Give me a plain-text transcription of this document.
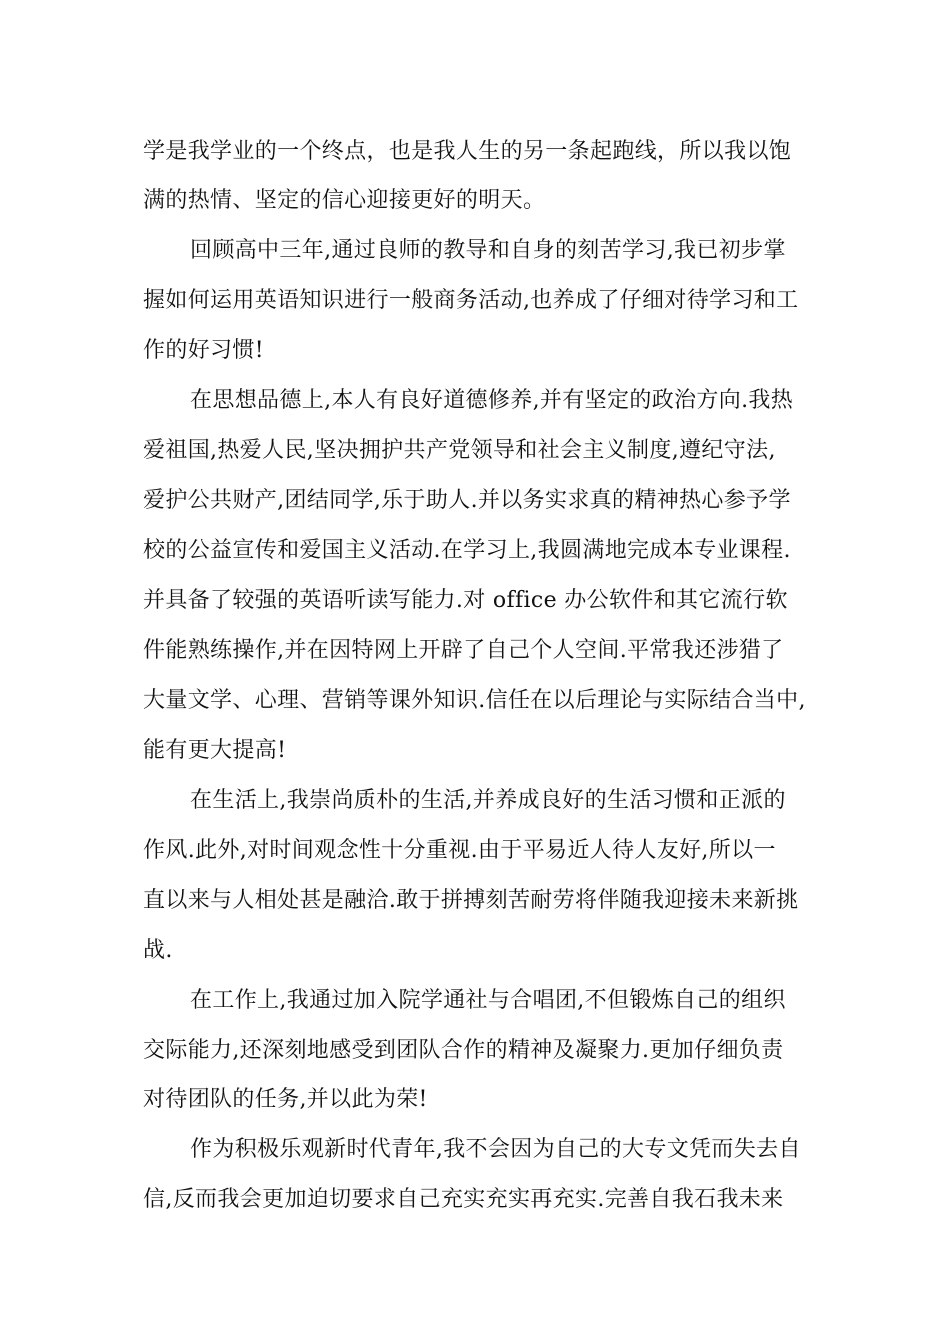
学是我学业的一个终点，也是我人生的另一条起跑线，所以我以饱

满的热情、坚定的信心迎接更好的明天。

回顾高中三年,通过良师的教导和自身的刻苦学习,我已初步掌

握如何运用英语知识进行一般商务活动,也养成了仔细对待学习和工

作的好习惯!

在思想品德上,本人有良好道德修养,并有坚定的政治方向.我热

爱祖国,热爱人民,坚决拥护共产党领导和社会主义制度,遵纪守法,

爱护公共财产,团结同学,乐于助人.并以务实求真的精神热心参予学

校的公益宣传和爱国主义活动.在学习上,我圆满地完成本专业课程.

并具备了较强的英语听读写能力.对 office 办公软件和其它流行软

件能熟练操作,并在因特网上开辟了自己个人空间.平常我还涉猎了

大量文学、心理、营销等课外知识.信任在以后理论与实际结合当中,

能有更大提高!

在生活上,我崇尚质朴的生活,并养成良好的生活习惯和正派的

作风.此外,对时间观念性十分重视.由于平易近人待人友好,所以一

直以来与人相处甚是融洽.敢于拼搏刻苦耐劳将伴随我迎接未来新挑

战.

在工作上,我通过加入院学通社与合唱团,不但锻炼自己的组织

交际能力,还深刻地感受到团队合作的精神及凝聚力.更加仔细负责

对待团队的任务,并以此为荣!

作为积极乐观新时代青年,我不会因为自己的大专文凭而失去自

信,反而我会更加迫切要求自己充实充实再充实.完善自我石我未来
